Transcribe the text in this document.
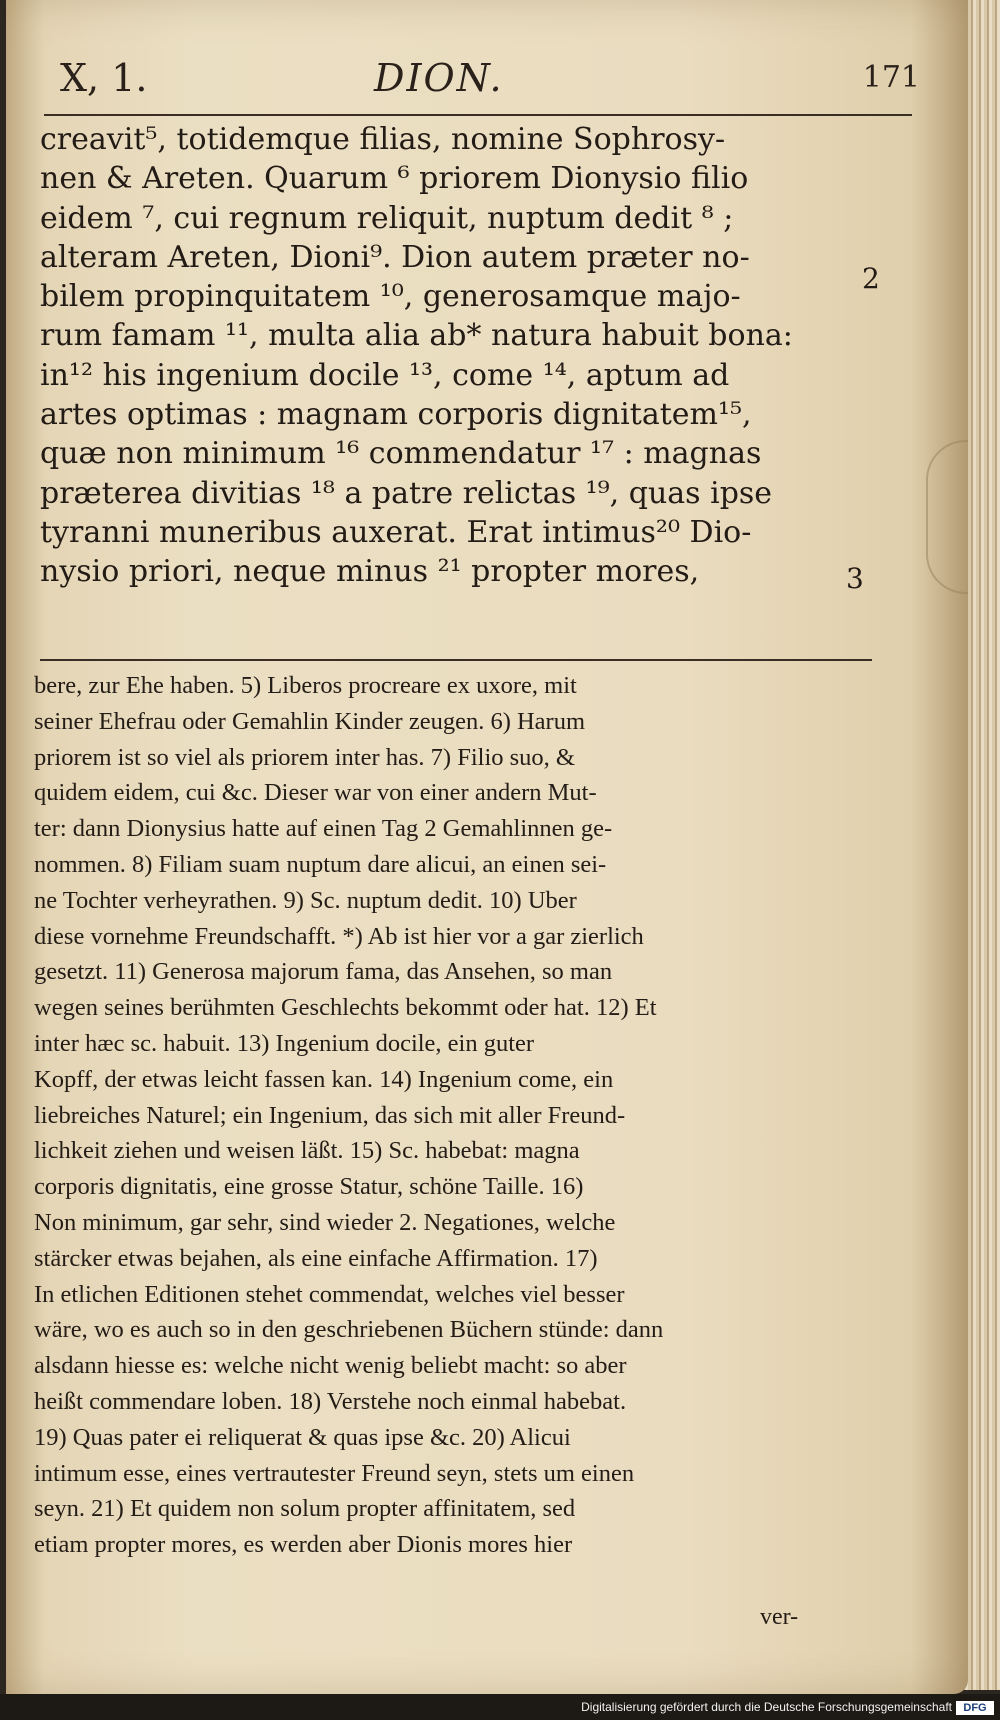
X, 1.	DION.	171
creavit⁵, totidemque filias, nomine Sophrosy-
nen & Areten. Quarum ⁶ priorem Dionysio filio
eidem ⁷, cui regnum reliquit, nuptum dedit ⁸ ;
alteram Areten, Dioni⁹. Dion autem præter no-
bilem propinquitatem ¹⁰, generosamque majo-
rum famam ¹¹, multa alia ab* natura habuit bona:
in¹² his ingenium docile ¹³, come ¹⁴, aptum ad
artes optimas : magnam corporis dignitatem¹⁵,
quæ non minimum ¹⁶ commendatur ¹⁷ : magnas
præterea divitias ¹⁸ a patre relictas ¹⁹, quas ipse
tyranni muneribus auxerat. Erat intimus²⁰ Dio-
nysio priori, neque minus ²¹ propter mores,
2
3
bere, zur Ehe haben. 5) Liberos procreare ex uxore, mit
seiner Ehefrau oder Gemahlin Kinder zeugen. 6) Harum
priorem ist so viel als priorem inter has. 7) Filio suo, &
quidem eidem, cui &c. Dieser war von einer andern Mut-
ter: dann Dionysius hatte auf einen Tag 2 Gemahlinnen ge-
nommen. 8) Filiam suam nuptum dare alicui, an einen sei-
ne Tochter verheyrathen. 9) Sc. nuptum dedit. 10) Uber
diese vornehme Freundschafft. *) Ab ist hier vor a gar zierlich
gesetzt. 11) Generosa majorum fama, das Ansehen, so man
wegen seines berühmten Geschlechts bekommt oder hat. 12) Et
inter hæc sc. habuit. 13) Ingenium docile, ein guter
Kopff, der etwas leicht fassen kan. 14) Ingenium come, ein
liebreiches Naturel; ein Ingenium, das sich mit aller Freund-
lichkeit ziehen und weisen läßt. 15) Sc. habebat: magna
corporis dignitatis, eine grosse Statur, schöne Taille. 16)
Non minimum, gar sehr, sind wieder 2. Negationes, welche
stärcker etwas bejahen, als eine einfache Affirmation. 17)
In etlichen Editionen stehet commendat, welches viel besser
wäre, wo es auch so in den geschriebenen Büchern stünde: dann
alsdann hiesse es: welche nicht wenig beliebt macht: so aber
heißt commendare loben. 18) Verstehe noch einmal habebat.
19) Quas pater ei reliquerat & quas ipse &c. 20) Alicui
intimum esse, eines vertrautester Freund seyn, stets um einen
seyn. 21) Et quidem non solum propter affinitatem, sed
etiam propter mores, es werden aber Dionis mores hier
ver-
Digitalisierung gefördert durch die Deutsche Forschungsgemeinschaft	DFG
